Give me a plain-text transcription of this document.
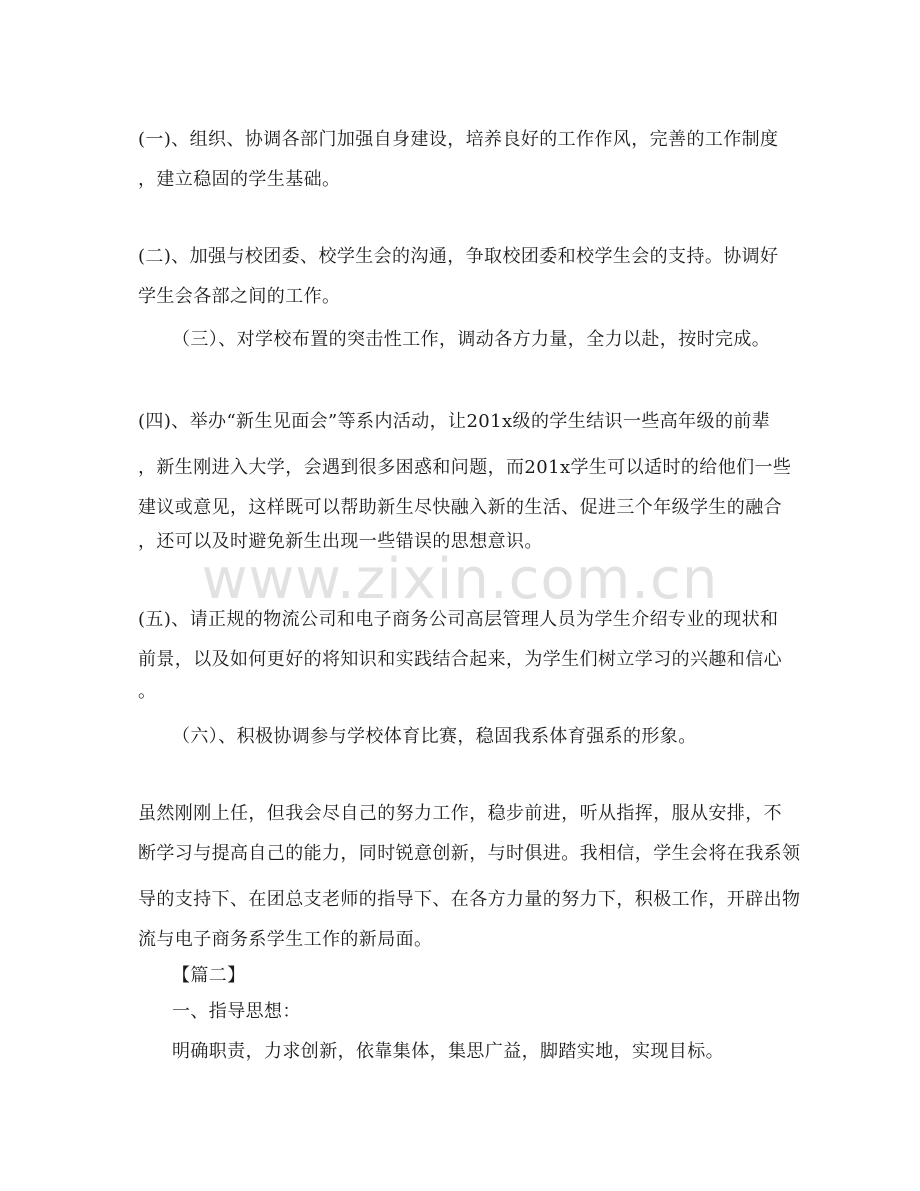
(一)、组织、协调各部门加强自身建设，培养良好的工作作风，完善的工作制度
，建立稳固的学生基础。
(二)、加强与校团委、校学生会的沟通，争取校团委和校学生会的支持。协调好
学生会各部之间的工作。
（三）、对学校布置的突击性工作，调动各方力量，全力以赴，按时完成。
(四)、举办“新生见面会”等系内活动，让201x级的学生结识一些高年级的前辈
，新生刚进入大学，会遇到很多困惑和问题，而201x学生可以适时的给他们一些
建议或意见，这样既可以帮助新生尽快融入新的生活、促进三个年级学生的融合
，还可以及时避免新生出现一些错误的思想意识。
(五)、请正规的物流公司和电子商务公司高层管理人员为学生介绍专业的现状和
前景，以及如何更好的将知识和实践结合起来，为学生们树立学习的兴趣和信心
。
（六）、积极协调参与学校体育比赛，稳固我系体育强系的形象。
虽然刚刚上任，但我会尽自己的努力工作，稳步前进，听从指挥，服从安排，不
断学习与提高自己的能力，同时锐意创新，与时俱进。我相信，学生会将在我系领
导的支持下、在团总支老师的指导下、在各方力量的努力下，积极工作，开辟出物
流与电子商务系学生工作的新局面。
【篇二】
一、指导思想：
明确职责，力求创新，依靠集体，集思广益，脚踏实地，实现目标。
www.zixin.com.cn
